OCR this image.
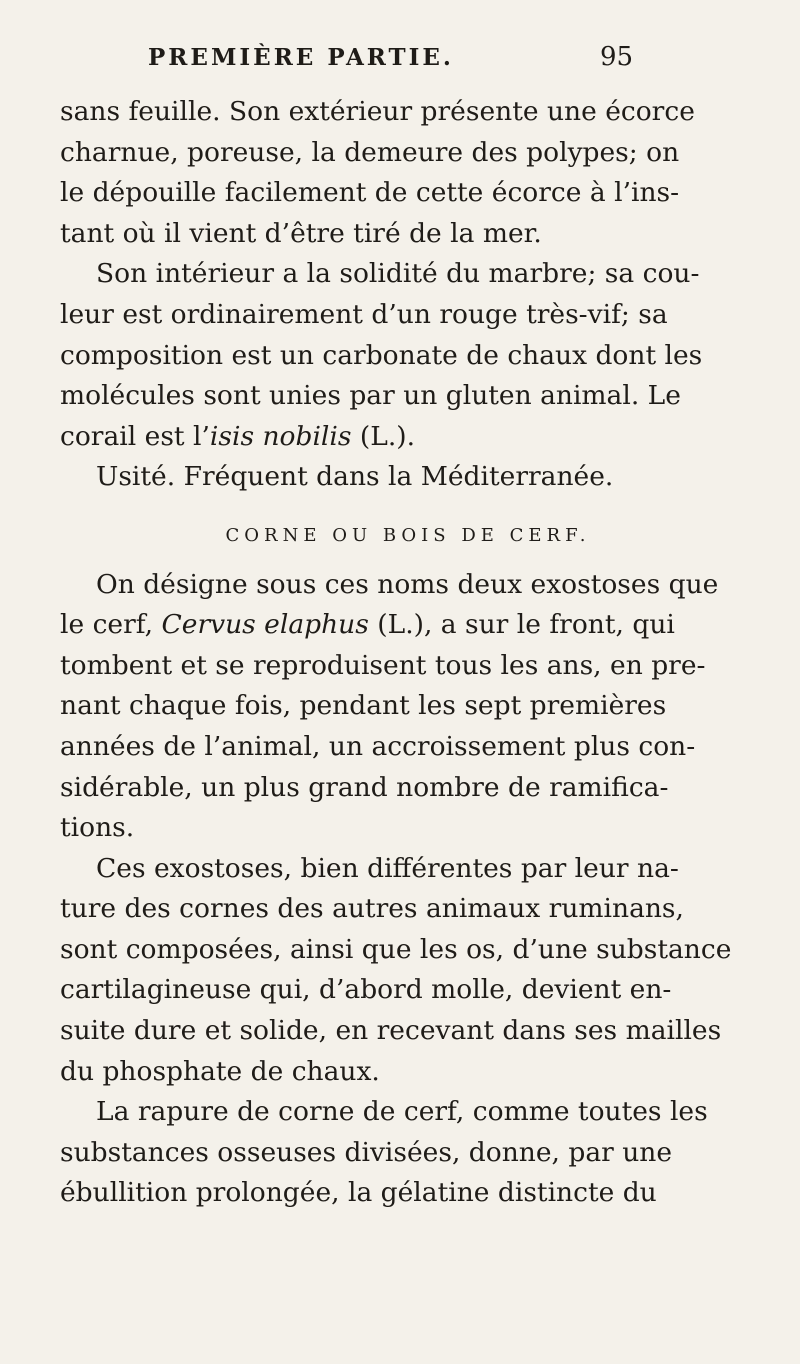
PREMIÈRE PARTIE.	95
sans feuille. Son extérieur présente une écorce
charnue, poreuse, la demeure des polypes; on
le dépouille facilement de cette écorce à l’ins-
tant où il vient d’être tiré de la mer.
Son intérieur a la solidité du marbre; sa cou-
leur est ordinairement d’un rouge très-vif; sa
composition est un carbonate de chaux dont les
molécules sont unies par un gluten animal. Le
corail est l’isis nobilis (L.).
Usité. Fréquent dans la Méditerranée.
CORNE OU BOIS DE CERF.
On désigne sous ces noms deux exostoses que
le cerf, Cervus elaphus (L.), a sur le front, qui
tombent et se reproduisent tous les ans, en pre-
nant chaque fois, pendant les sept premières
années de l’animal, un accroissement plus con-
sidérable, un plus grand nombre de ramifica-
tions.
Ces exostoses, bien différentes par leur na-
ture des cornes des autres animaux ruminans,
sont composées, ainsi que les os, d’une substance
cartilagineuse qui, d’abord molle, devient en-
suite dure et solide, en recevant dans ses mailles
du phosphate de chaux.
La rapure de corne de cerf, comme toutes les
substances osseuses divisées, donne, par une
ébullition prolongée, la gélatine distincte du
